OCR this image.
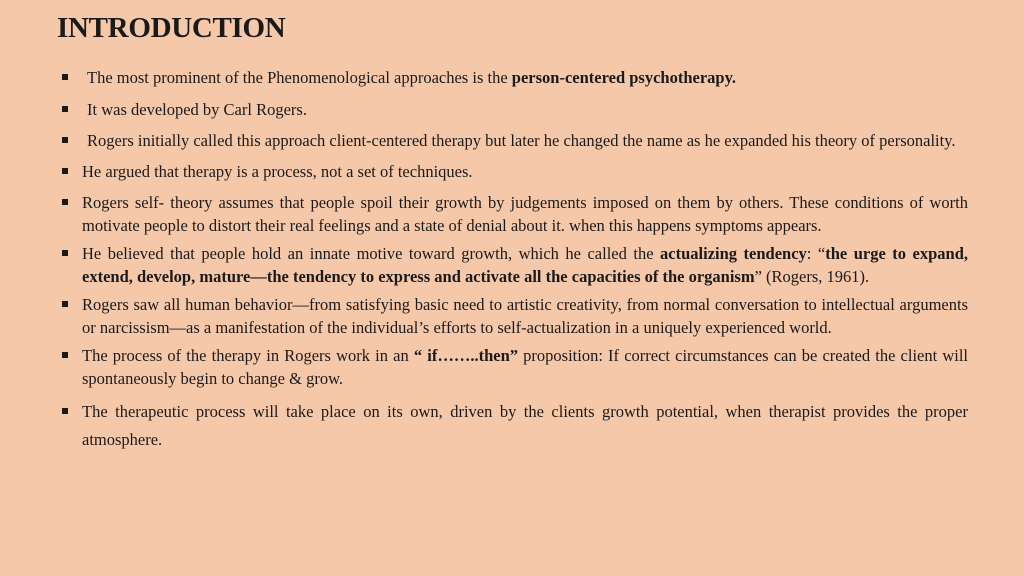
INTRODUCTION
The most prominent of the Phenomenological approaches is the person-centered psychotherapy.
It was developed by Carl Rogers.
Rogers initially called this approach client-centered therapy but later he changed the name as he expanded his theory of personality.
He argued that therapy is a process, not a set of techniques.
Rogers self- theory assumes that people spoil their growth by judgements imposed on them by others. These conditions of worth motivate people to distort their real feelings and a state of denial about it. when this happens symptoms appears.
He believed that people hold an innate motive toward growth, which he called the actualizing tendency: “the urge to expand, extend, develop, mature—the tendency to express and activate all the capacities of the organism” (Rogers, 1961).
Rogers saw all human behavior—from satisfying basic need to artistic creativity, from normal conversation to intellectual arguments or narcissism—as a manifestation of the individual’s efforts to self-actualization in a uniquely experienced world.
The process of the therapy in Rogers work in an “ if……..then” proposition: If correct circumstances can be created the client will spontaneously begin to change & grow.
The therapeutic process will take place on its own, driven by the clients growth potential, when therapist provides the proper atmosphere.
